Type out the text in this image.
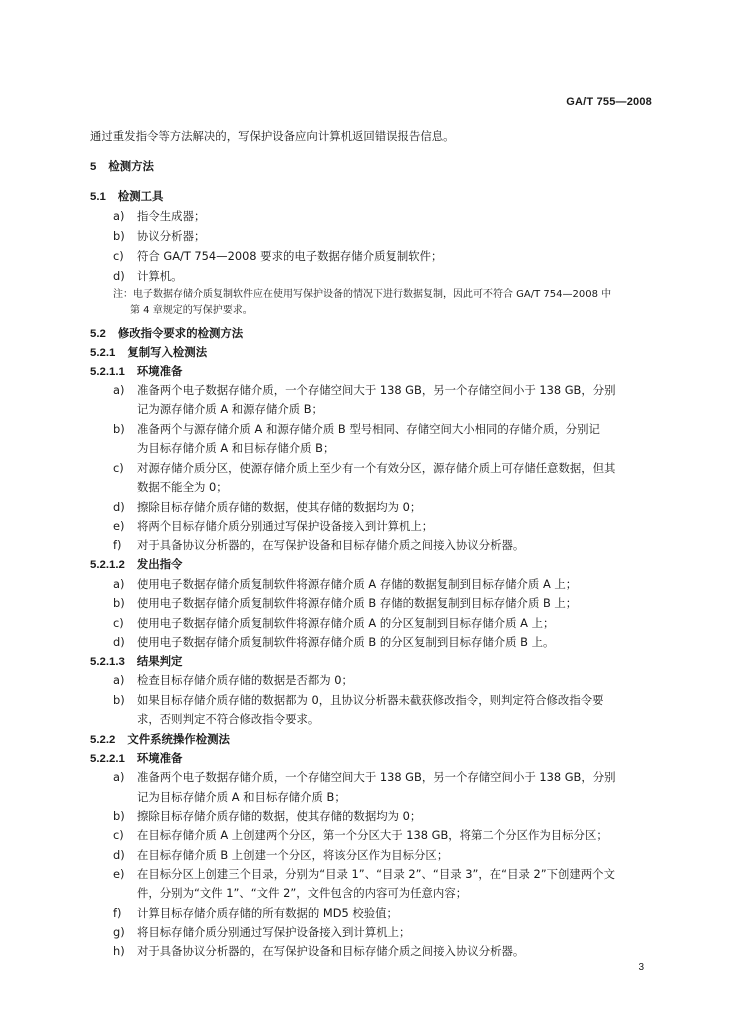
GA/T 755—2008
通过重发指令等方法解决的，写保护设备应向计算机返回错误报告信息。
5 检测方法
5.1 检测工具
a) 指令生成器；
b) 协议分析器；
c) 符合 GA/T 754—2008 要求的电子数据存储介质复制软件；
d) 计算机。
注：电子数据存储介质复制软件应在使用写保护设备的情况下进行数据复制，因此可不符合 GA/T 754—2008 中
第 4 章规定的写保护要求。
5.2 修改指令要求的检测方法
5.2.1 复制写入检测法
5.2.1.1 环境准备
a) 准备两个电子数据存储介质，一个存储空间大于 138 GB，另一个存储空间小于 138 GB，分别
记为源存储介质 A 和源存储介质 B；
b) 准备两个与源存储介质 A 和源存储介质 B 型号相同、存储空间大小相同的存储介质，分别记
为目标存储介质 A 和目标存储介质 B；
c) 对源存储介质分区，使源存储介质上至少有一个有效分区，源存储介质上可存储任意数据，但其
数据不能全为 0；
d) 擦除目标存储介质存储的数据，使其存储的数据均为 0；
e) 将两个目标存储介质分别通过写保护设备接入到计算机上；
f) 对于具备协议分析器的，在写保护设备和目标存储介质之间接入协议分析器。
5.2.1.2 发出指令
a) 使用电子数据存储介质复制软件将源存储介质 A 存储的数据复制到目标存储介质 A 上；
b) 使用电子数据存储介质复制软件将源存储介质 B 存储的数据复制到目标存储介质 B 上；
c) 使用电子数据存储介质复制软件将源存储介质 A 的分区复制到目标存储介质 A 上；
d) 使用电子数据存储介质复制软件将源存储介质 B 的分区复制到目标存储介质 B 上。
5.2.1.3 结果判定
a) 检查目标存储介质存储的数据是否都为 0；
b) 如果目标存储介质存储的数据都为 0，且协议分析器未截获修改指令，则判定符合修改指令要
求，否则判定不符合修改指令要求。
5.2.2 文件系统操作检测法
5.2.2.1 环境准备
a) 准备两个电子数据存储介质，一个存储空间大于 138 GB，另一个存储空间小于 138 GB，分别
记为目标存储介质 A 和目标存储介质 B；
b) 擦除目标存储介质存储的数据，使其存储的数据均为 0；
c) 在目标存储介质 A 上创建两个分区，第一个分区大于 138 GB，将第二个分区作为目标分区；
d) 在目标存储介质 B 上创建一个分区，将该分区作为目标分区；
e) 在目标分区上创建三个目录，分别为“目录 1”、“目录 2”、“目录 3”，在“目录 2”下创建两个文
件，分别为“文件 1”、“文件 2”，文件包含的内容可为任意内容；
f) 计算目标存储介质存储的所有数据的 MD5 校验值；
g) 将目标存储介质分别通过写保护设备接入到计算机上；
h) 对于具备协议分析器的，在写保护设备和目标存储介质之间接入协议分析器。
3
